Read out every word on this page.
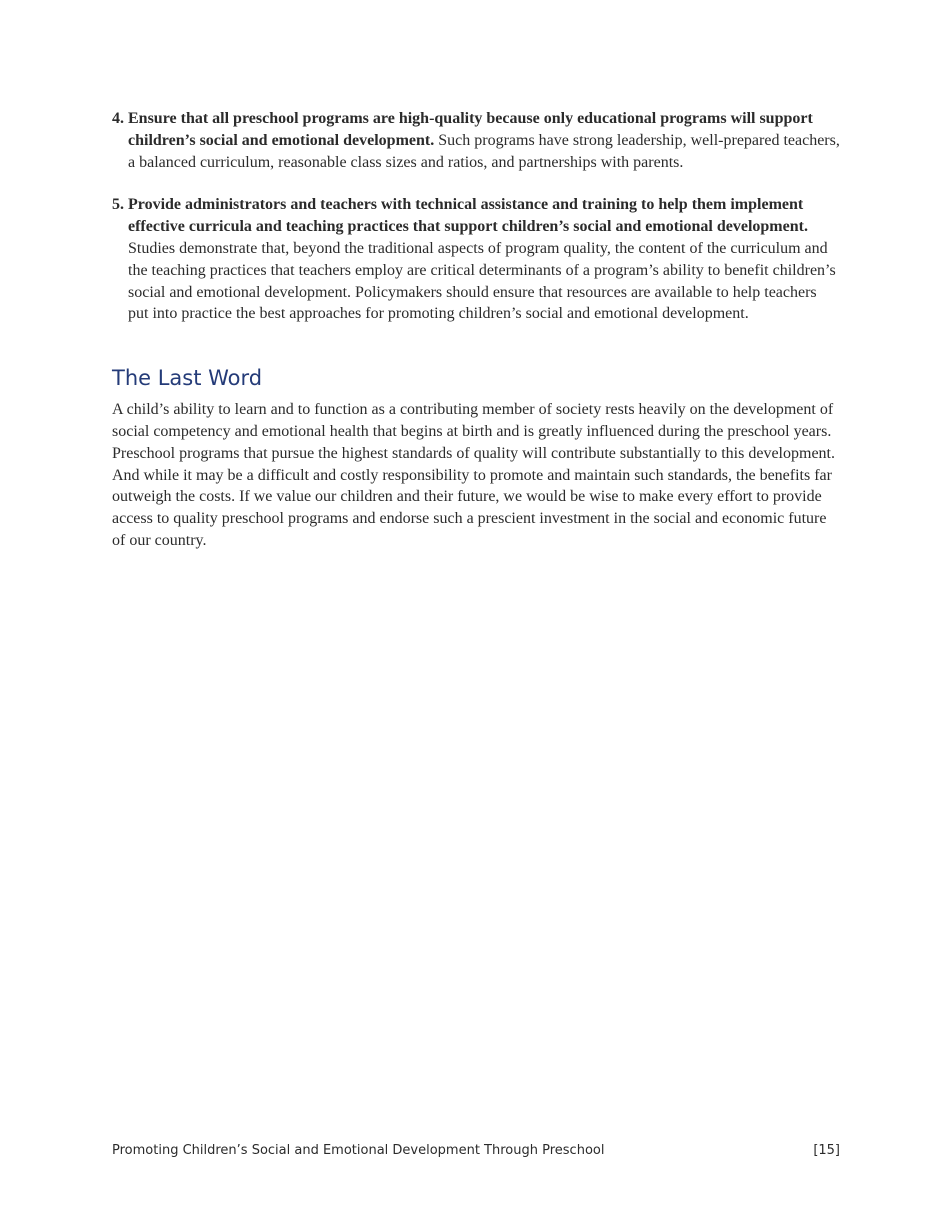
4. Ensure that all preschool programs are high-quality because only educational programs will support children’s social and emotional development. Such programs have strong leadership, well-prepared teachers, a balanced curriculum, reasonable class sizes and ratios, and partnerships with parents.
5. Provide administrators and teachers with technical assistance and training to help them implement effective curricula and teaching practices that support children’s social and emotional development. Studies demonstrate that, beyond the traditional aspects of program quality, the content of the curriculum and the teaching practices that teachers employ are critical determinants of a program’s ability to benefit children’s social and emotional development. Policymakers should ensure that resources are available to help teachers put into practice the best approaches for promoting children’s social and emotional development.
The Last Word

A child’s ability to learn and to function as a contributing member of society rests heavily on the development of social competency and emotional health that begins at birth and is greatly influenced during the preschool years. Preschool programs that pursue the highest standards of quality will contribute substantially to this development. And while it may be a difficult and costly responsibility to promote and maintain such standards, the benefits far outweigh the costs. If we value our children and their future, we would be wise to make every effort to provide access to quality preschool programs and endorse such a prescient investment in the social and economic future of our country.

Promoting Children’s Social and Emotional Development Through Preschool	[15]
